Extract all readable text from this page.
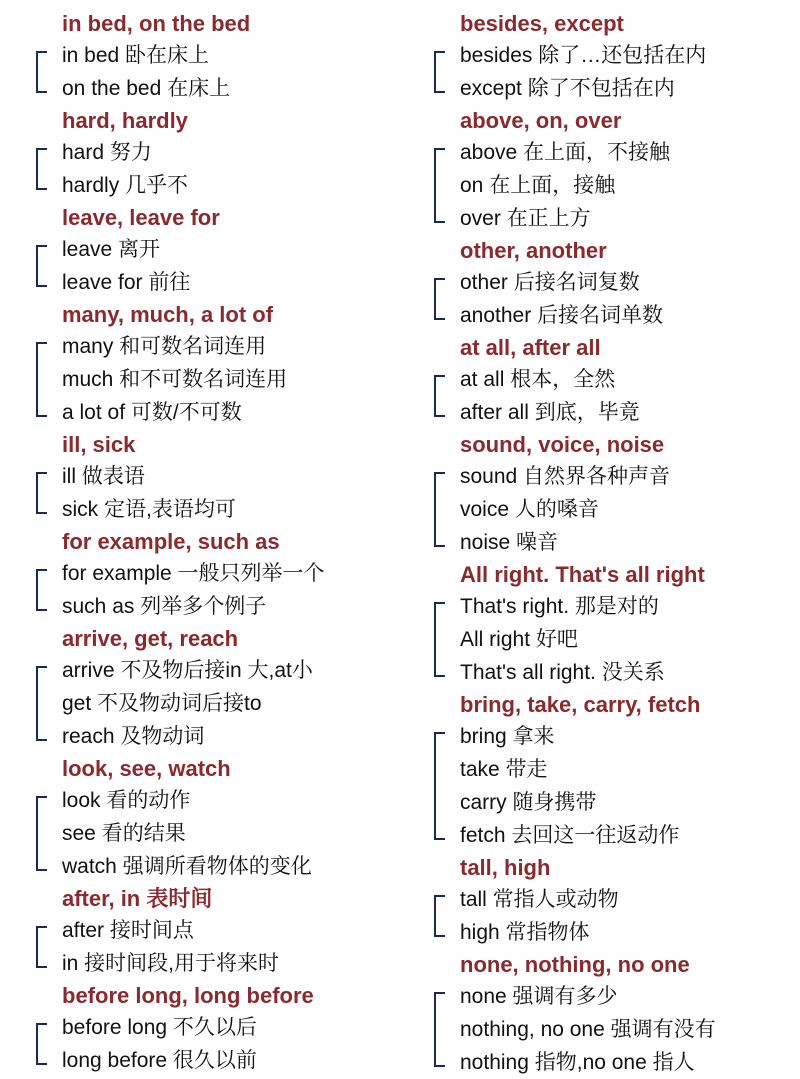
in bed, on the bed
in bed 卧在床上
on the bed 在床上
hard, hardly
hard 努力
hardly 几乎不
leave, leave for
leave 离开
leave for 前往
many, much, a lot of
many 和可数名词连用
much 和不可数名词连用
a lot of 可数/不可数
ill, sick
ill 做表语
sick 定语,表语均可
for example, such as
for example 一般只列举一个
such as 列举多个例子
arrive, get, reach
arrive 不及物后接in 大,at小
get 不及物动词后接to
reach 及物动词
look, see, watch
look 看的动作
see 看的结果
watch 强调所看物体的变化
after, in 表时间
after 接时间点
in 接时间段,用于将来时
before long, long before
before long 不久以后
long before 很久以前
besides, except
besides 除了…还包括在内
except 除了不包括在内
above, on, over
above 在上面，不接触
on 在上面，接触
over 在正上方
other, another
other 后接名词复数
another 后接名词单数
at all, after all
at all 根本，全然
after all 到底，毕竟
sound, voice, noise
sound 自然界各种声音
voice 人的嗓音
noise 噪音
All right. That's all right
That's right. 那是对的
All right 好吧
That's all right. 没关系
bring, take, carry, fetch
bring 拿来
take 带走
carry 随身携带
fetch 去回这一往返动作
tall, high
tall 常指人或动物
high 常指物体
none, nothing, no one
none 强调有多少
nothing, no one 强调有没有
nothing 指物,no one 指人
